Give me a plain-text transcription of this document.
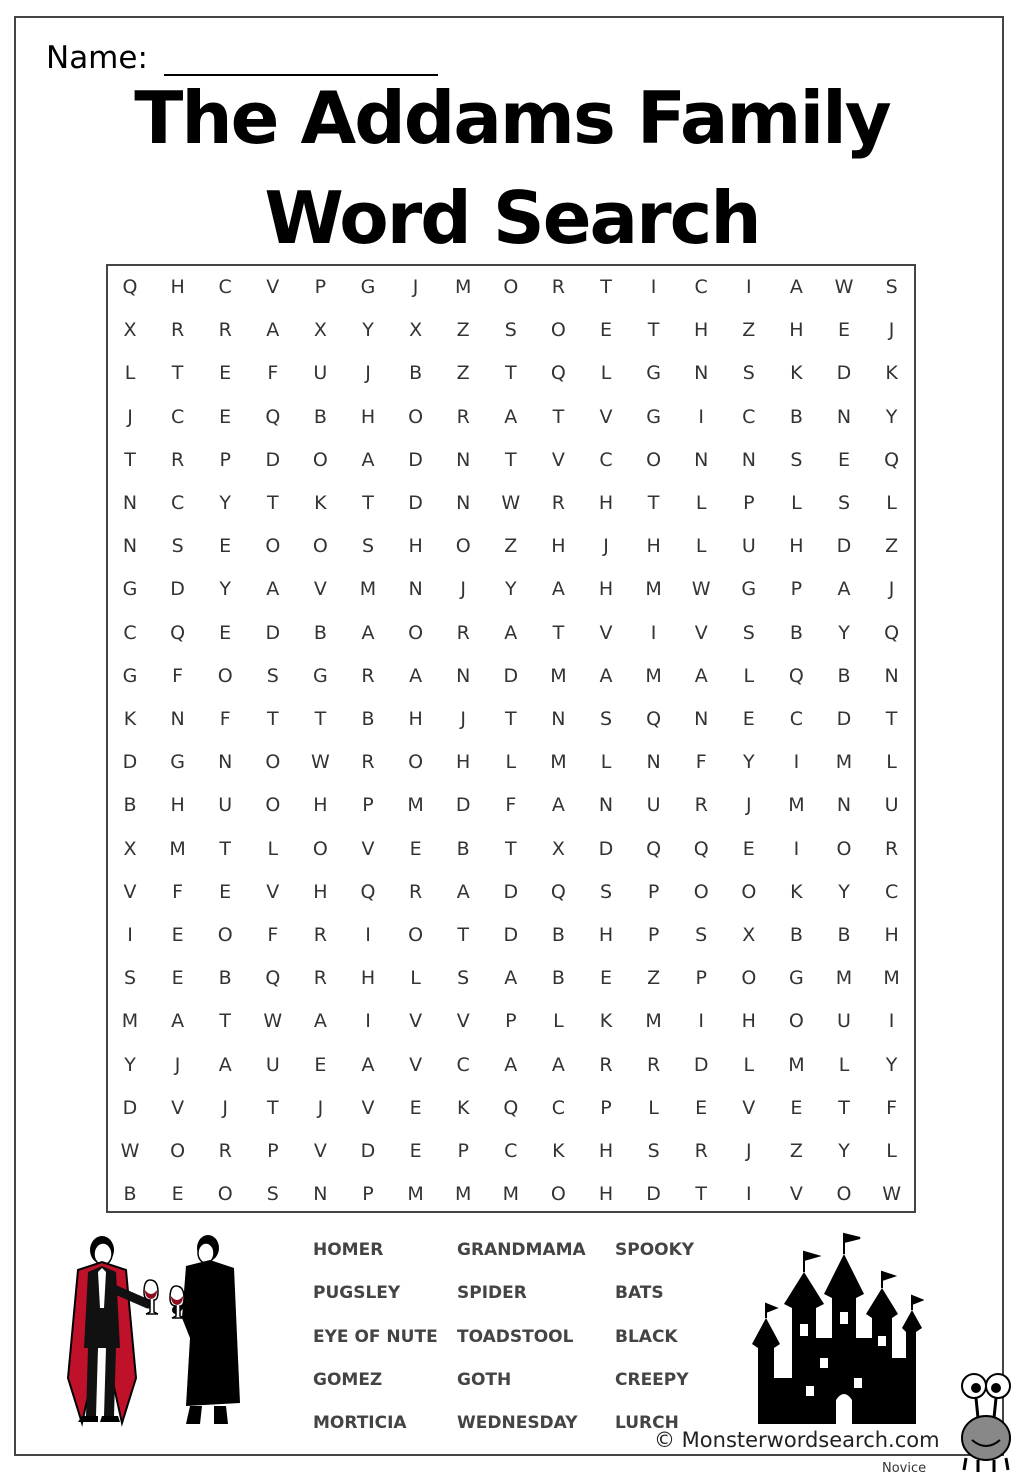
Name:
The Addams Family
Word Search
Q	H	C	V	P	G	J	M	O	R	T	I	C	I	A	W	S
X	R	R	A	X	Y	X	Z	S	O	E	T	H	Z	H	E	J
L	T	E	F	U	J	B	Z	T	Q	L	G	N	S	K	D	K
J	C	E	Q	B	H	O	R	A	T	V	G	I	C	B	N	Y
T	R	P	D	O	A	D	N	T	V	C	O	N	N	S	E	Q
N	C	Y	T	K	T	D	N	W	R	H	T	L	P	L	S	L
N	S	E	O	O	S	H	O	Z	H	J	H	L	U	H	D	Z
G	D	Y	A	V	M	N	J	Y	A	H	M	W	G	P	A	J
C	Q	E	D	B	A	O	R	A	T	V	I	V	S	B	Y	Q
G	F	O	S	G	R	A	N	D	M	A	M	A	L	Q	B	N
K	N	F	T	T	B	H	J	T	N	S	Q	N	E	C	D	T
D	G	N	O	W	R	O	H	L	M	L	N	F	Y	I	M	L
B	H	U	O	H	P	M	D	F	A	N	U	R	J	M	N	U
X	M	T	L	O	V	E	B	T	X	D	Q	Q	E	I	O	R
V	F	E	V	H	Q	R	A	D	Q	S	P	O	O	K	Y	C
I	E	O	F	R	I	O	T	D	B	H	P	S	X	B	B	H
S	E	B	Q	R	H	L	S	A	B	E	Z	P	O	G	M	M
M	A	T	W	A	I	V	V	P	L	K	M	I	H	O	U	I
Y	J	A	U	E	A	V	C	A	A	R	R	D	L	M	L	Y
D	V	J	T	J	V	E	K	Q	C	P	L	E	V	E	T	F
W	O	R	P	V	D	E	P	C	K	H	S	R	J	Z	Y	L
B	E	O	S	N	P	M	M	M	O	H	D	T	I	V	O	W
HOMER
PUGSLEY
EYE OF NUTE
GOMEZ
MORTICIA
GRANDMAMA
SPIDER
TOADSTOOL
GOTH
WEDNESDAY
SPOOKY
BATS
BLACK
CREEPY
LURCH
© Monsterwordsearch.com
Novice
